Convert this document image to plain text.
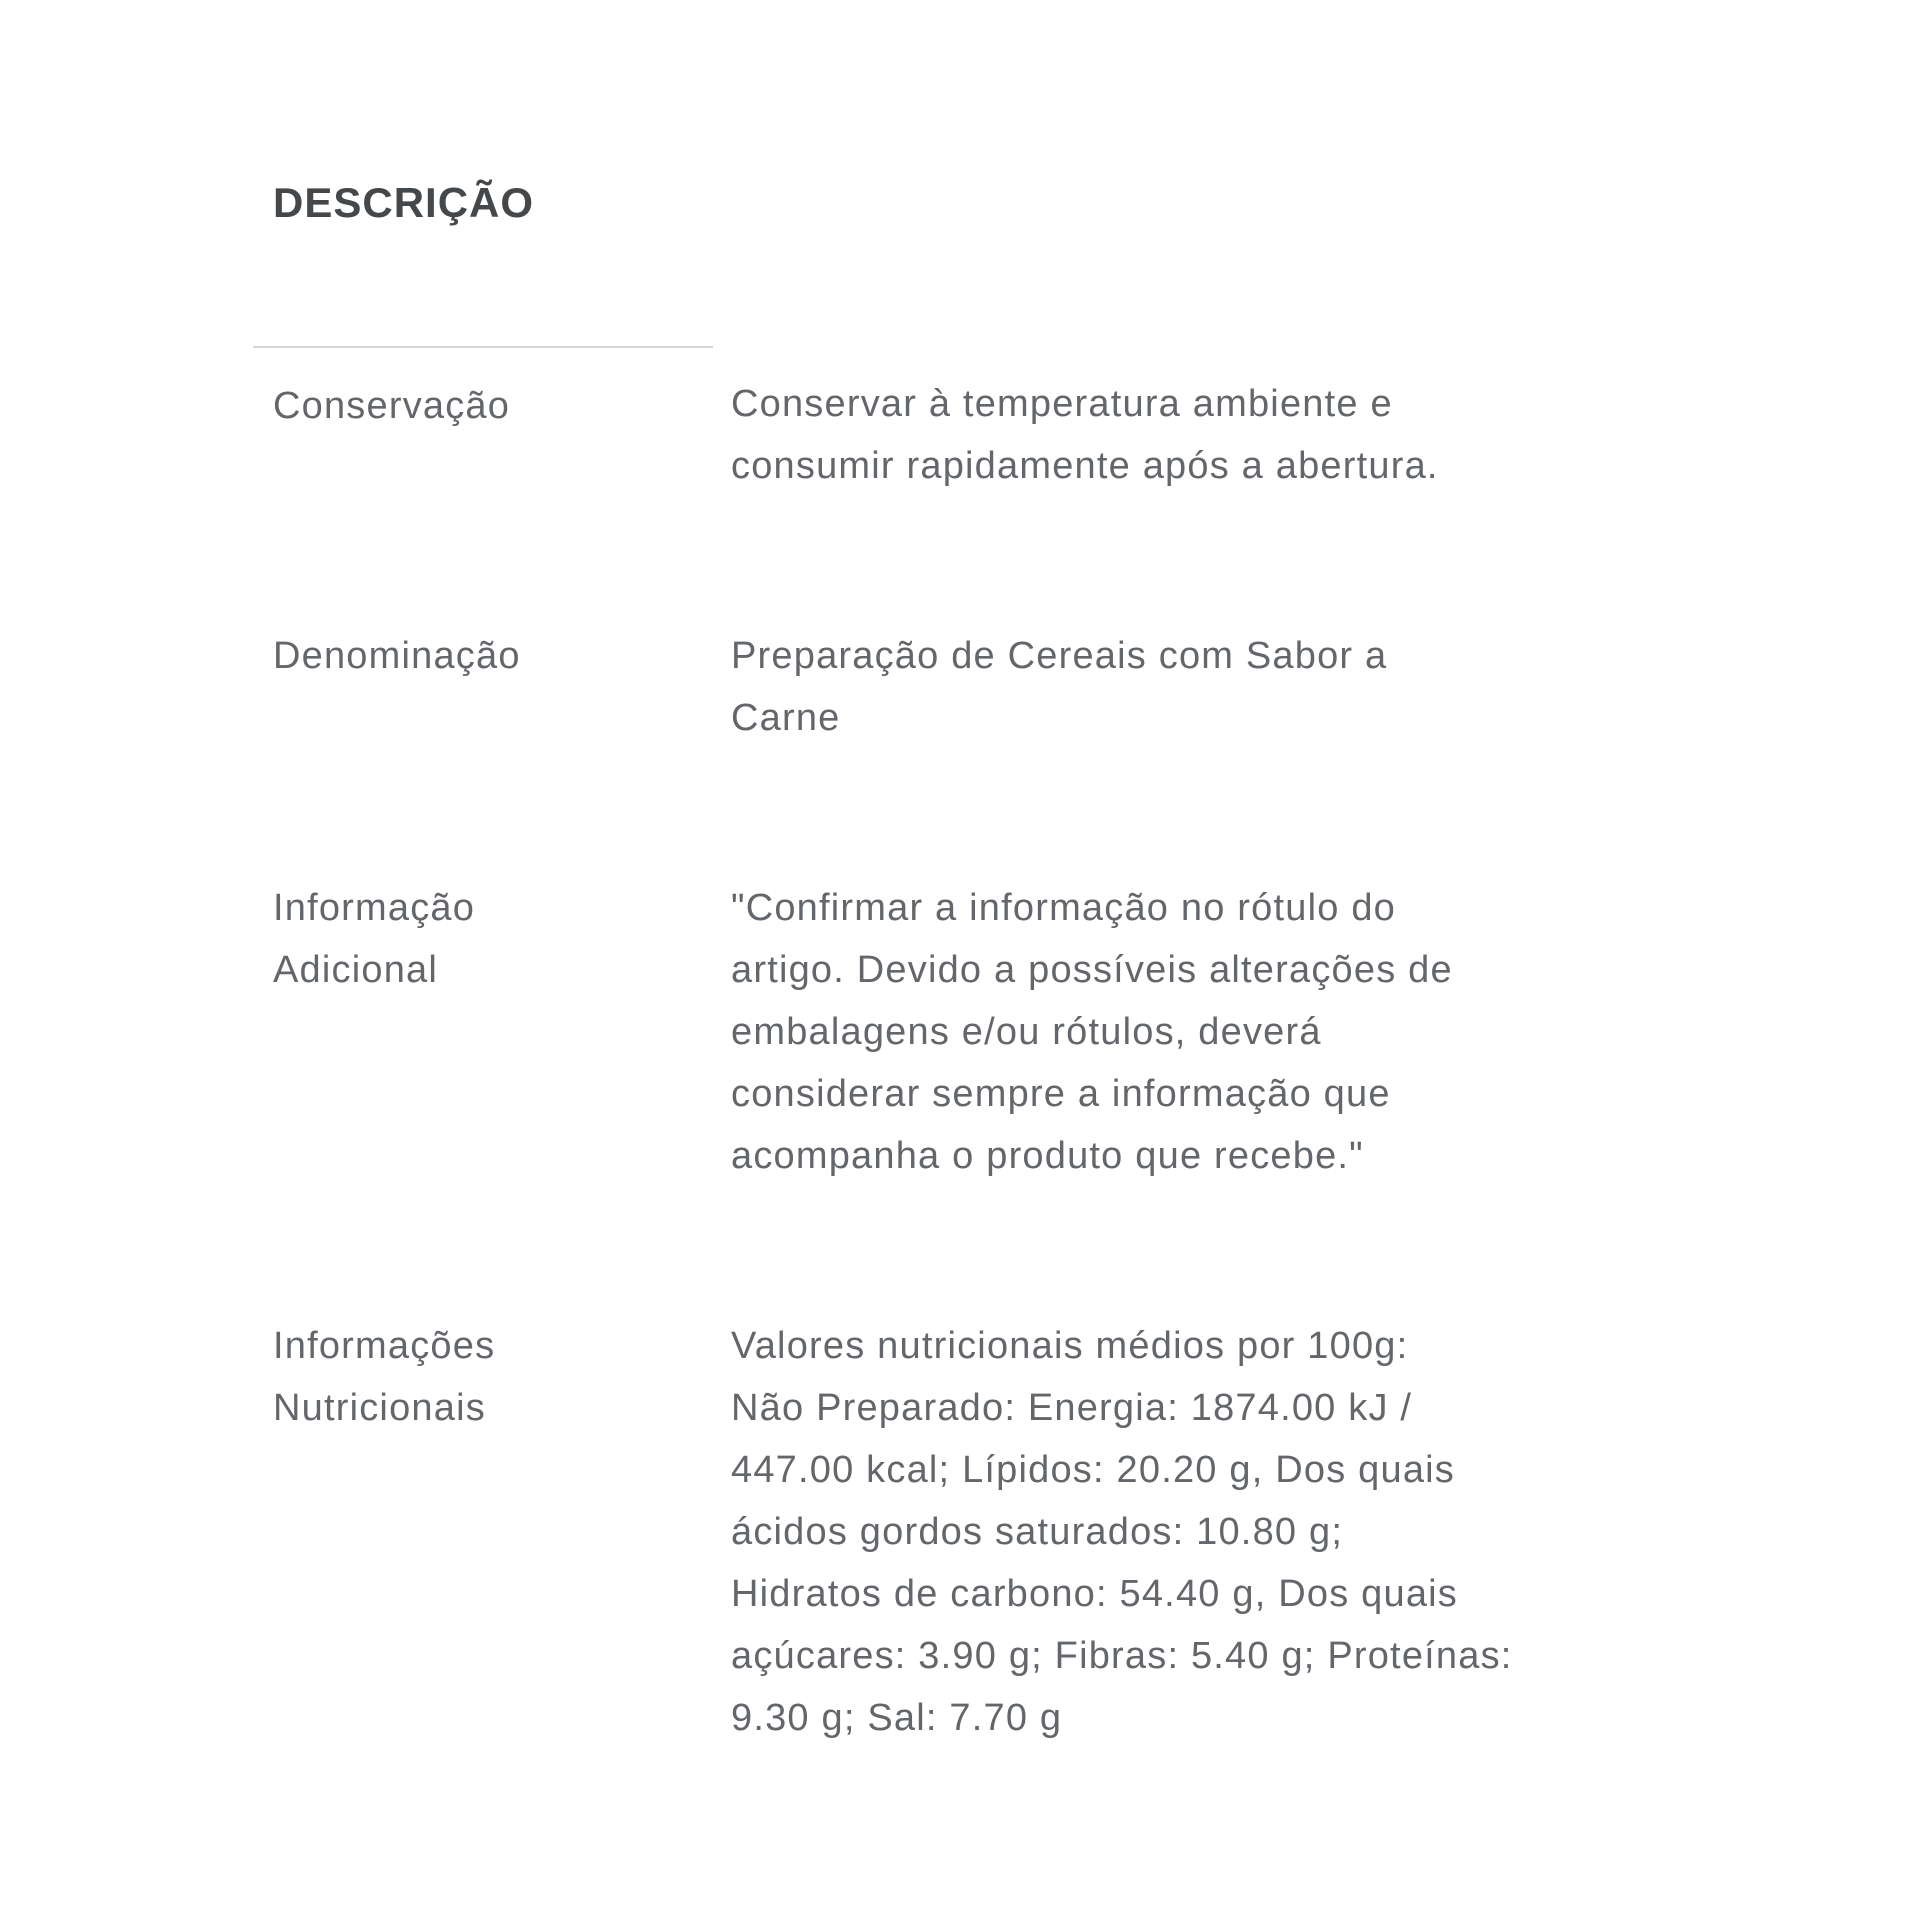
DESCRIÇÃO
Conservação	Conservar à temperatura ambiente e
consumir rapidamente após a abertura.
Denominação	Preparação de Cereais com Sabor a
Carne
Informação
Adicional
"Confirmar a informação no rótulo do
artigo. Devido a possíveis alterações de
embalagens e/ou rótulos, deverá
considerar sempre a informação que
acompanha o produto que recebe."
Informações
Nutricionais
Valores nutricionais médios por 100g:
Não Preparado: Energia: 1874.00 kJ /
447.00 kcal; Lípidos: 20.20 g, Dos quais
ácidos gordos saturados: 10.80 g;
Hidratos de carbono: 54.40 g, Dos quais
açúcares: 3.90 g; Fibras: 5.40 g; Proteínas:
9.30 g; Sal: 7.70 g
